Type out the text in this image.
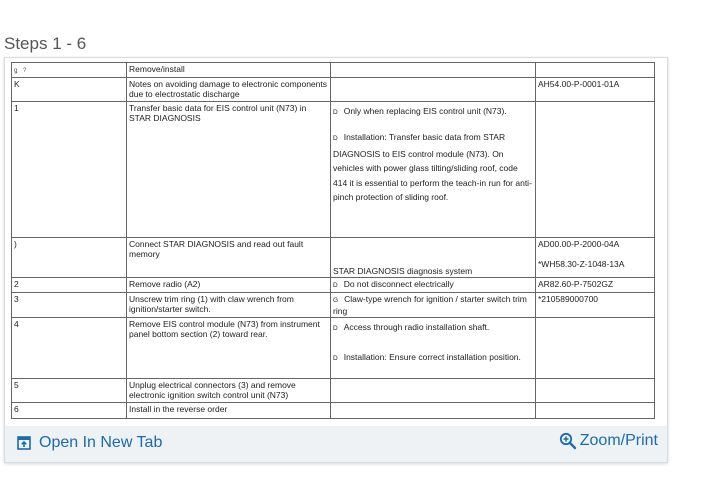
Steps 1 - 6
ǥ ?	Remove/install		
K	Notes on avoiding damage to electronic components due to electrostatic discharge		AH54.00-P-0001-01A
1	Transfer basic data for EIS control unit (N73) in STAR DIAGNOSIS	D Only when replacing EIS control unit (N73).
D Installation: Transfer basic data from STAR DIAGNOSIS to EIS control module (N73). On vehicles with power glass tilting/sliding roof, code 414 it is essential to perform the teach-in run for anti-pinch protection of sliding roof.	

)	Connect STAR DIAGNOSIS and read out fault memory	STAR DIAGNOSIS diagnosis system	AD00.00-P-2000-04A
*WH58.30-Z-1048-13A

2	Remove radio (A2)	D Do not disconnect electrically	AR82.60-P-7502GZ
3	Unscrew trim ring (1) with claw wrench from ignition/starter switch.	G Claw-type wrench for ignition / starter switch trim ring	*210589000700
4	Remove EIS control module (N73) from instrument panel bottom section (2) toward rear.	D Access through radio installation shaft.
D Installation: Ensure correct installation position.	

5	Unplug electrical connectors (3) and remove electronic ignition switch control unit (N73)		
6	Install in the reverse order		
Open In New Tab	Zoom/Print
